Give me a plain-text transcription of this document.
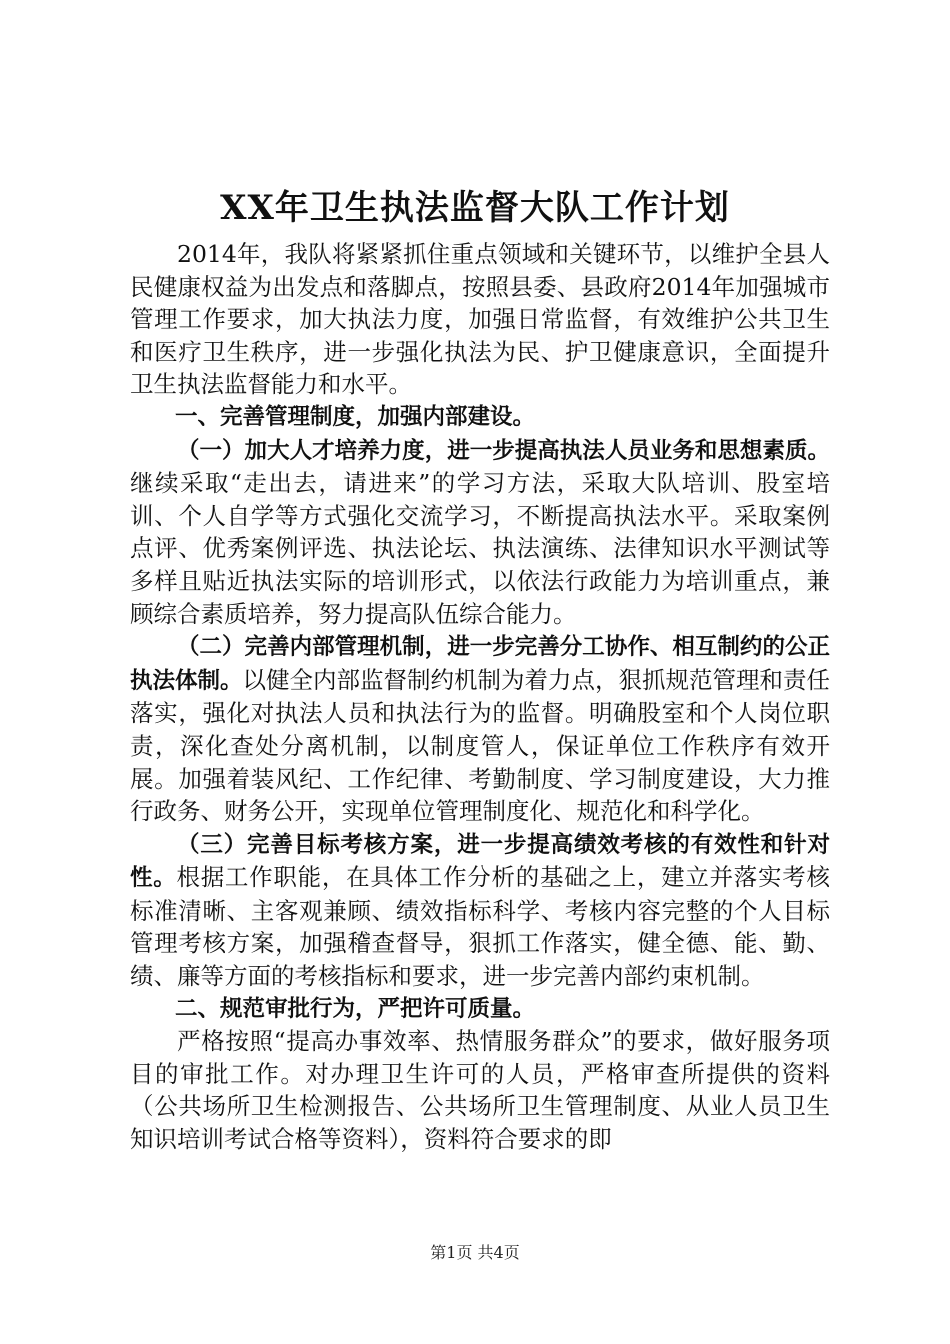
XX年卫生执法监督大队工作计划

2014年，我队将紧紧抓住重点领域和关键环节，以维护全县人民健康权益为出发点和落脚点，按照县委、县政府2014年加强城市管理工作要求，加大执法力度，加强日常监督，有效维护公共卫生和医疗卫生秩序，进一步强化执法为民、护卫健康意识，全面提升卫生执法监督能力和水平。

一、完善管理制度，加强内部建设。

（一）加大人才培养力度，进一步提高执法人员业务和思想素质。继续采取“走出去，请进来”的学习方法，采取大队培训、股室培训、个人自学等方式强化交流学习，不断提高执法水平。采取案例点评、优秀案例评选、执法论坛、执法演练、法律知识水平测试等多样且贴近执法实际的培训形式，以依法行政能力为培训重点，兼顾综合素质培养，努力提高队伍综合能力。

（二）完善内部管理机制，进一步完善分工协作、相互制约的公正执法体制。以健全内部监督制约机制为着力点，狠抓规范管理和责任落实，强化对执法人员和执法行为的监督。明确股室和个人岗位职责，深化查处分离机制，以制度管人，保证单位工作秩序有效开展。加强着装风纪、工作纪律、考勤制度、学习制度建设，大力推行政务、财务公开，实现单位管理制度化、规范化和科学化。

（三）完善目标考核方案，进一步提高绩效考核的有效性和针对性。根据工作职能，在具体工作分析的基础之上，建立并落实考核标准清晰、主客观兼顾、绩效指标科学、考核内容完整的个人目标管理考核方案，加强稽查督导，狠抓工作落实，健全德、能、勤、绩、廉等方面的考核指标和要求，进一步完善内部约束机制。

二、规范审批行为，严把许可质量。

严格按照“提高办事效率、热情服务群众”的要求，做好服务项目的审批工作。对办理卫生许可的人员，严格审查所提供的资料（公共场所卫生检测报告、公共场所卫生管理制度、从业人员卫生知识培训考试合格等资料），资料符合要求的即

第1页 共4页
